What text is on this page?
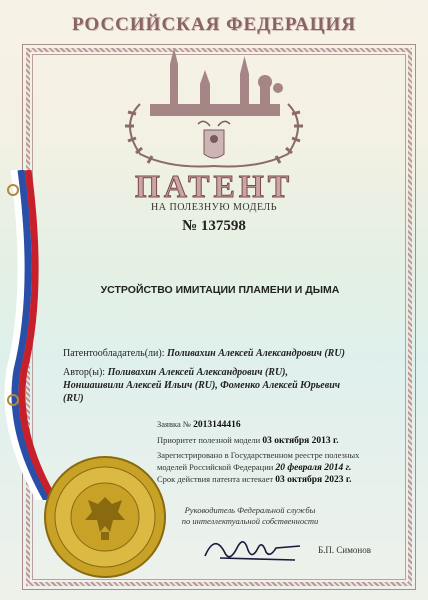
РОССИЙСКАЯ ФЕДЕРАЦИЯ
ПАТЕНТ
НА ПОЛЕЗНУЮ МОДЕЛЬ
№ 137598
УСТРОЙСТВО ИМИТАЦИИ ПЛАМЕНИ И ДЫМА
Патентообладатель(ли): Поливахин Алексей Александрович (RU)
Автор(ы): Поливахин Алексей Александрович (RU),
Ноншашвили Алексей Ильич (RU), Фоменко Алексей Юрьевич
(RU)
Заявка № 2013144416
Приоритет полезной модели 03 октября 2013 г.
Зарегистрировано в Государственном реестре полезных
моделей Российской Федерации 20 февраля 2014 г.
Срок действия патента истекает 03 октября 2023 г.
Руководитель Федеральной службы
по интеллектуальной собственности
Б.П. Симонов
